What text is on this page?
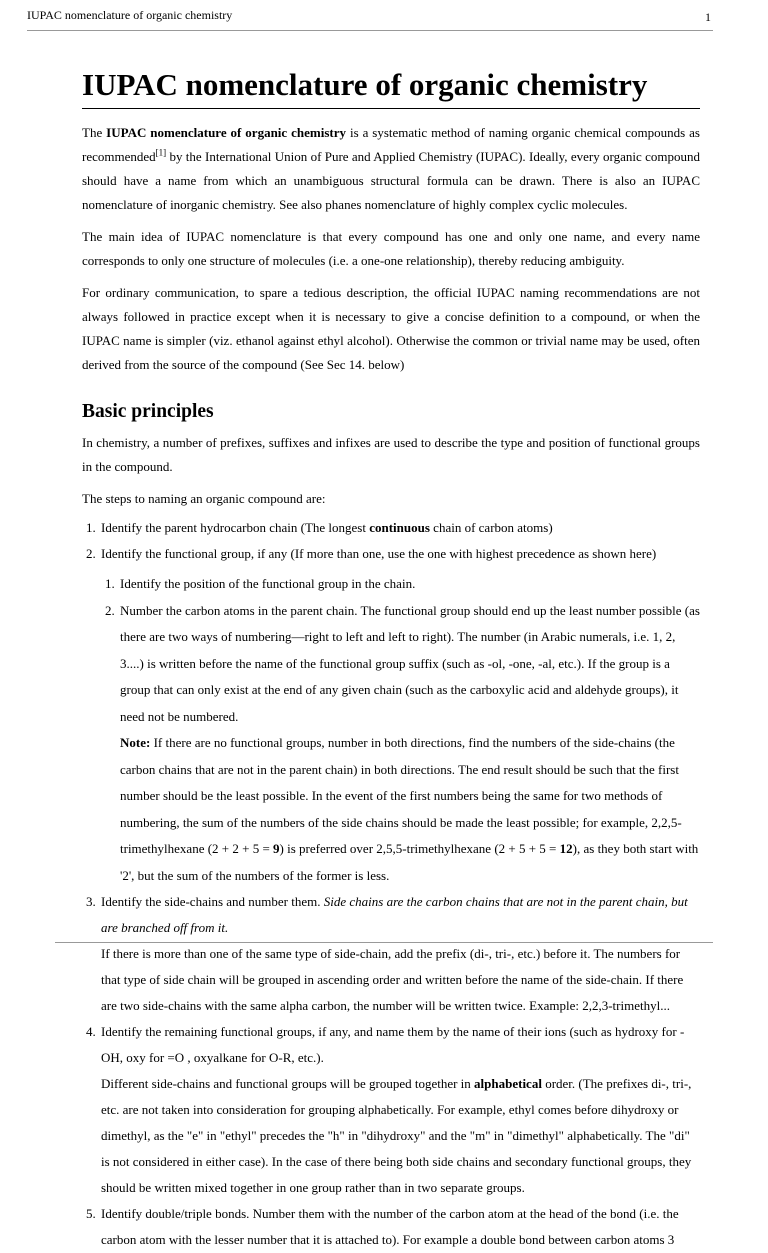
IUPAC nomenclature of organic chemistry	1
IUPAC nomenclature of organic chemistry

The IUPAC nomenclature of organic chemistry is a systematic method of naming organic chemical compounds as recommended[1] by the International Union of Pure and Applied Chemistry (IUPAC). Ideally, every organic compound should have a name from which an unambiguous structural formula can be drawn. There is also an IUPAC nomenclature of inorganic chemistry. See also phanes nomenclature of highly complex cyclic molecules.

The main idea of IUPAC nomenclature is that every compound has one and only one name, and every name corresponds to only one structure of molecules (i.e. a one-one relationship), thereby reducing ambiguity.

For ordinary communication, to spare a tedious description, the official IUPAC naming recommendations are not always followed in practice except when it is necessary to give a concise definition to a compound, or when the IUPAC name is simpler (viz. ethanol against ethyl alcohol). Otherwise the common or trivial name may be used, often derived from the source of the compound (See Sec 14. below)

Basic principles

In chemistry, a number of prefixes, suffixes and infixes are used to describe the type and position of functional groups in the compound.

The steps to naming an organic compound are:

1. Identify the parent hydrocarbon chain (The longest continuous chain of carbon atoms)
2. Identify the functional group, if any (If more than one, use the one with highest precedence as shown here)
1. Identify the position of the functional group in the chain.
2. Number the carbon atoms in the parent chain. The functional group should end up the least number possible (as there are two ways of numbering—right to left and left to right). The number (in Arabic numerals, i.e. 1, 2, 3....) is written before the name of the functional group suffix (such as -ol, -one, -al, etc.). If the group is a group that can only exist at the end of any given chain (such as the carboxylic acid and aldehyde groups), it need not be numbered.
Note: If there are no functional groups, number in both directions, find the numbers of the side-chains (the carbon chains that are not in the parent chain) in both directions. The end result should be such that the first number should be the least possible. In the event of the first numbers being the same for two methods of numbering, the sum of the numbers of the side chains should be made the least possible; for example, 2,2,5-trimethylhexane (2 + 2 + 5 = 9) is preferred over 2,5,5-trimethylhexane (2 + 5 + 5 = 12), as they both start with '2', but the sum of the numbers of the former is less.
3. Identify the side-chains and number them. Side chains are the carbon chains that are not in the parent chain, but are branched off from it.
If there is more than one of the same type of side-chain, add the prefix (di-, tri-, etc.) before it. The numbers for that type of side chain will be grouped in ascending order and written before the name of the side-chain. If there are two side-chains with the same alpha carbon, the number will be written twice. Example: 2,2,3-trimethyl...
4. Identify the remaining functional groups, if any, and name them by the name of their ions (such as hydroxy for -OH, oxy for =O , oxyalkane for O-R, etc.).
Different side-chains and functional groups will be grouped together in alphabetical order. (The prefixes di-, tri-, etc. are not taken into consideration for grouping alphabetically. For example, ethyl comes before dihydroxy or dimethyl, as the "e" in "ethyl" precedes the "h" in "dihydroxy" and the "m" in "dimethyl" alphabetically. The "di" is not considered in either case). In the case of there being both side chains and secondary functional groups, they should be written mixed together in one group rather than in two separate groups.
5. Identify double/triple bonds. Number them with the number of the carbon atom at the head of the bond (i.e. the carbon atom with the lesser number that it is attached to). For example a double bond between carbon atoms 3
